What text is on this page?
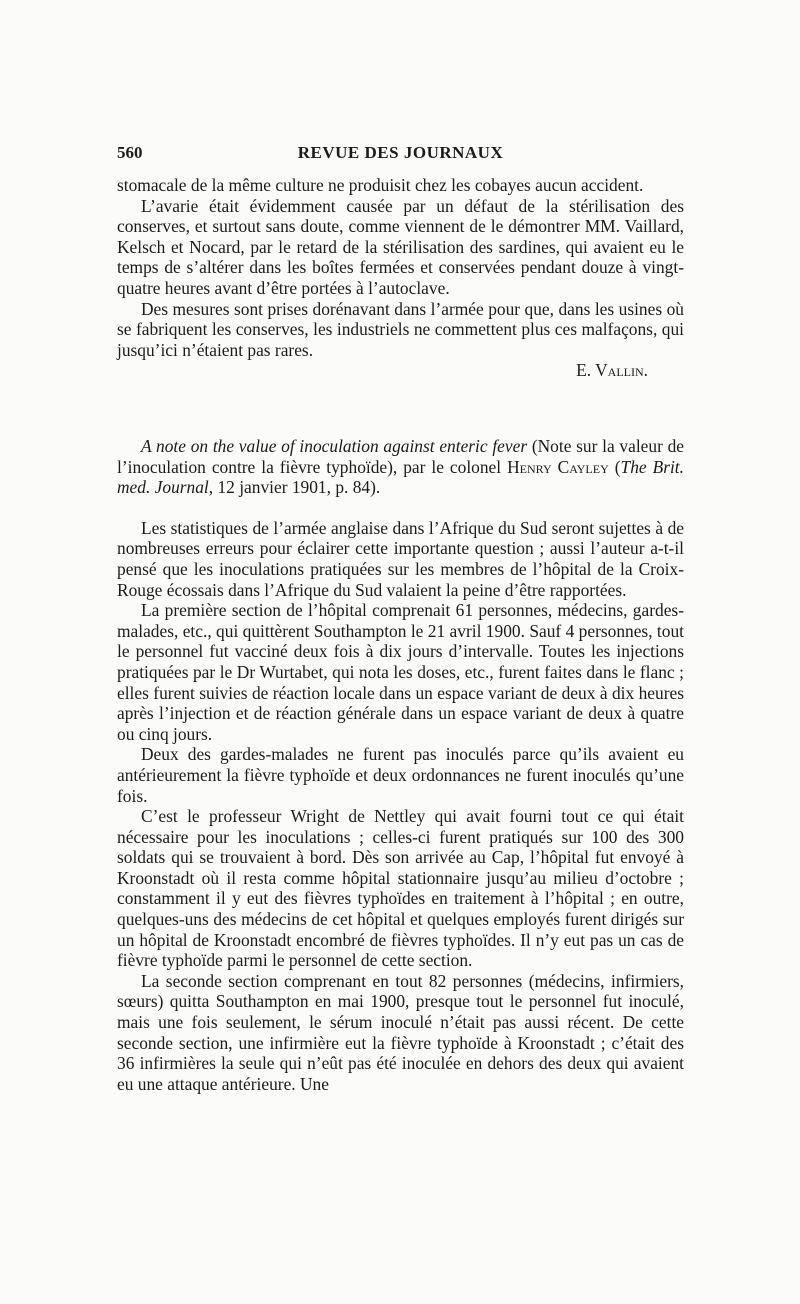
560	REVUE DES JOURNAUX

stomacale de la même culture ne produisit chez les cobayes aucun accident.

L’avarie était évidemment causée par un défaut de la stérilisation des conserves, et surtout sans doute, comme viennent de le démontrer MM. Vaillard, Kelsch et Nocard, par le retard de la stérilisation des sardines, qui avaient eu le temps de s’altérer dans les boîtes fermées et conservées pendant douze à vingt-quatre heures avant d’être portées à l’autoclave.

Des mesures sont prises dorénavant dans l’armée pour que, dans les usines où se fabriquent les conserves, les industriels ne commettent plus ces malfaçons, qui jusqu’ici n’étaient pas rares.

E. Vallin.

A note on the value of inoculation against enteric fever (Note sur la valeur de l’inoculation contre la fièvre typhoïde), par le colonel Henry Cayley (The Brit. med. Journal, 12 janvier 1901, p. 84).

Les statistiques de l’armée anglaise dans l’Afrique du Sud seront sujettes à de nombreuses erreurs pour éclairer cette importante question ; aussi l’auteur a-t-il pensé que les inoculations pratiquées sur les membres de l’hôpital de la Croix-Rouge écossais dans l’Afrique du Sud valaient la peine d’être rapportées.

La première section de l’hôpital comprenait 61 personnes, médecins, gardes-malades, etc., qui quittèrent Southampton le 21 avril 1900. Sauf 4 personnes, tout le personnel fut vacciné deux fois à dix jours d’intervalle. Toutes les injections pratiquées par le Dr Wurtabet, qui nota les doses, etc., furent faites dans le flanc ; elles furent suivies de réaction locale dans un espace variant de deux à dix heures après l’injection et de réaction générale dans un espace variant de deux à quatre ou cinq jours.

Deux des gardes-malades ne furent pas inoculés parce qu’ils avaient eu antérieurement la fièvre typhoïde et deux ordonnances ne furent inoculés qu’une fois.

C’est le professeur Wright de Nettley qui avait fourni tout ce qui était nécessaire pour les inoculations ; celles-ci furent pratiqués sur 100 des 300 soldats qui se trouvaient à bord. Dès son arrivée au Cap, l’hôpital fut envoyé à Kroonstadt où il resta comme hôpital stationnaire jusqu’au milieu d’octobre ; constamment il y eut des fièvres typhoïdes en traitement à l’hôpital ; en outre, quelques-uns des médecins de cet hôpital et quelques employés furent dirigés sur un hôpital de Kroonstadt encombré de fièvres typhoïdes. Il n’y eut pas un cas de fièvre typhoïde parmi le personnel de cette section.

La seconde section comprenant en tout 82 personnes (médecins, infirmiers, sœurs) quitta Southampton en mai 1900, presque tout le personnel fut inoculé, mais une fois seulement, le sérum inoculé n’était pas aussi récent. De cette seconde section, une infirmière eut la fièvre typhoïde à Kroonstadt ; c’était des 36 infirmières la seule qui n’eût pas été inoculée en dehors des deux qui avaient eu une attaque antérieure. Une
